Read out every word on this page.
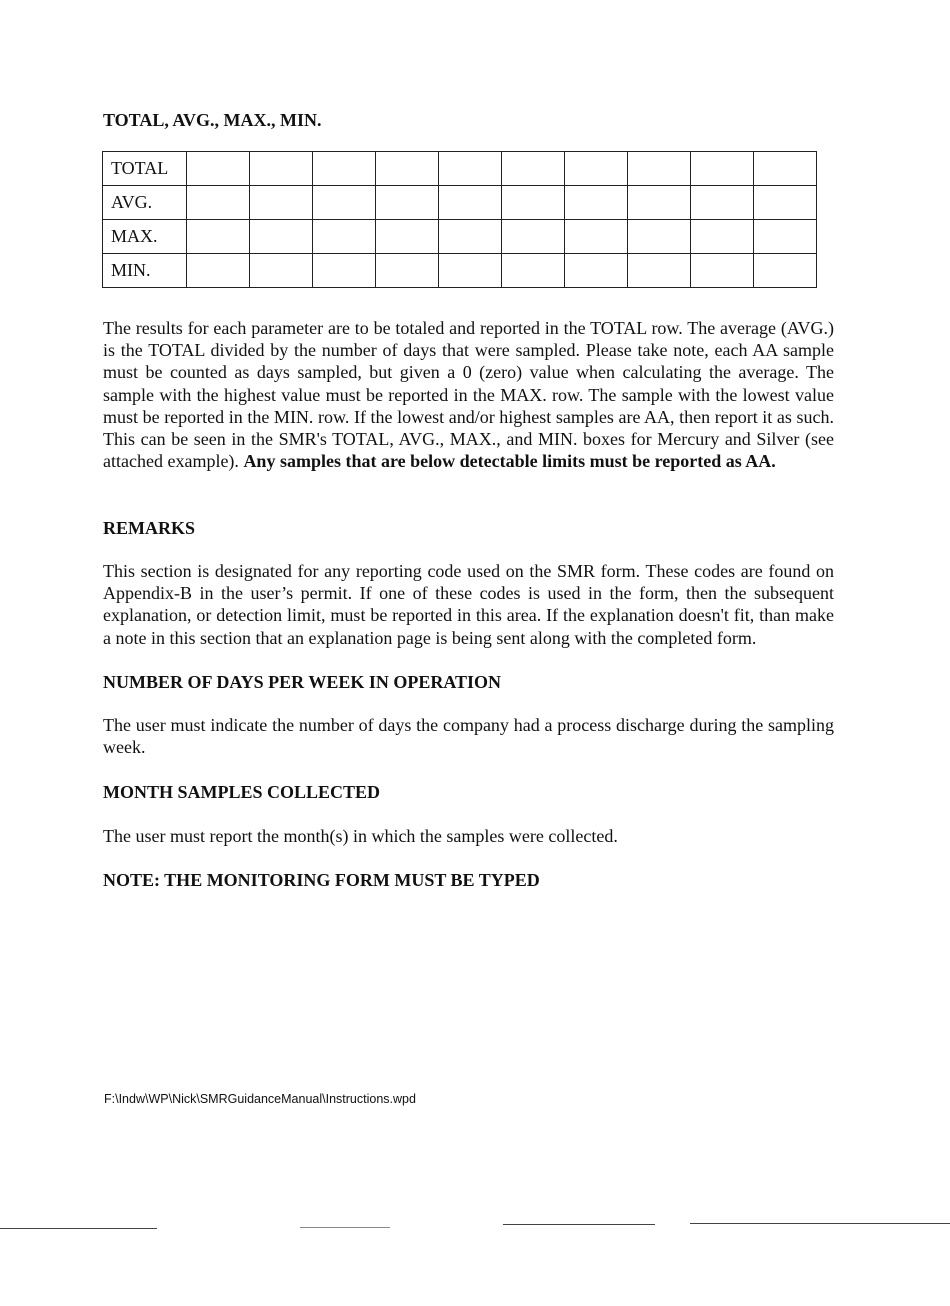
TOTAL, AVG., MAX., MIN.
TOTAL										
AVG.										
MAX.										
MIN.										

The results for each parameter are to be totaled and reported in the TOTAL row. The average (AVG.) is the TOTAL divided by the number of days that were sampled. Please take note, each AA sample must be counted as days sampled, but given a 0 (zero) value when calculating the average. The sample with the highest value must be reported in the MAX. row. The sample with the lowest value must be reported in the MIN. row. If the lowest and/or highest samples are AA, then report it as such. This can be seen in the SMR's TOTAL, AVG., MAX., and MIN. boxes for Mercury and Silver (see attached example). Any samples that are below detectable limits must be reported as AA.

REMARKS

This section is designated for any reporting code used on the SMR form. These codes are found on Appendix-B in the user’s permit. If one of these codes is used in the form, then the subsequent explanation, or detection limit, must be reported in this area. If the explanation doesn't fit, than make a note in this section that an explanation page is being sent along with the completed form.

NUMBER OF DAYS PER WEEK IN OPERATION

The user must indicate the number of days the company had a process discharge during the sampling week.

MONTH SAMPLES COLLECTED

The user must report the month(s) in which the samples were collected.

NOTE: THE MONITORING FORM MUST BE TYPED

F:\Indw\WP\Nick\SMRGuidanceManual\Instructions.wpd
